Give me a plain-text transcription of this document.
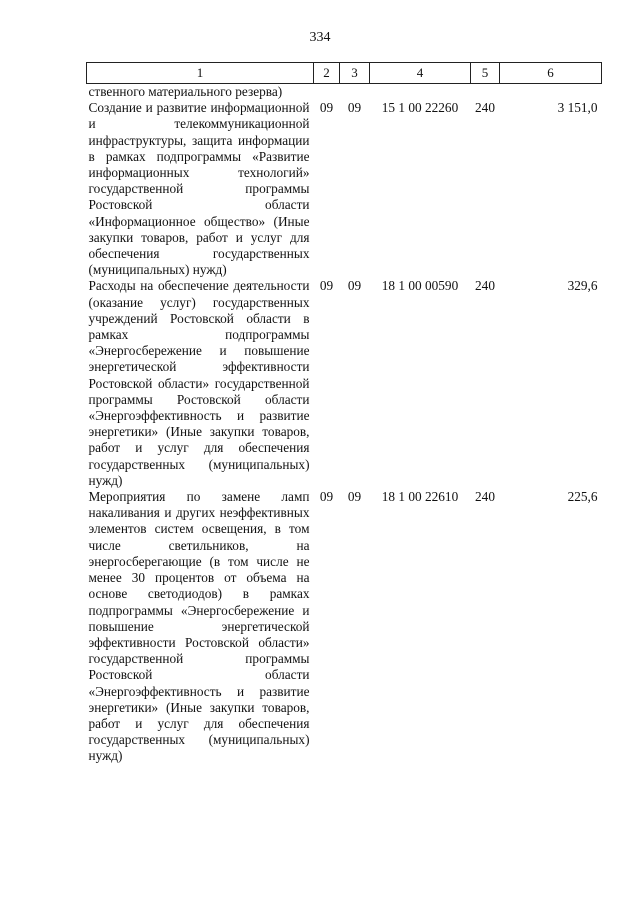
334
1	2	3	4	5	6
ственного материального резерва)					
Создание и развитие информационной и телекоммуникационной инфраструктуры, защита информации в рамках подпрограммы «Развитие информационных технологий» государственной программы Ростовской области «Информационное общество» (Иные закупки товаров, работ и услуг для обеспечения государственных (муниципальных) нужд)	09	09	15 1 00 22260	240	3 151,0
Расходы на обеспечение деятельности (оказание услуг) государственных учреждений Ростовской области в рамках подпрограммы «Энергосбережение и повышение энергетической эффективности Ростовской области» государственной программы Ростовской области «Энергоэффективность и развитие энергетики» (Иные закупки товаров, работ и услуг для обеспечения государственных (муниципальных) нужд)	09	09	18 1 00 00590	240	329,6
Мероприятия по замене ламп накаливания и других неэффективных элементов систем освещения, в том числе светильников, на энергосберегающие (в том числе не менее 30 процентов от объема на основе светодиодов) в рамках подпрограммы «Энергосбережение и повышение энергетической эффективности Ростовской области» государственной программы Ростовской области «Энергоэффективность и развитие энергетики» (Иные закупки товаров, работ и услуг для обеспечения государственных (муниципальных) нужд)	09	09	18 1 00 22610	240	225,6
